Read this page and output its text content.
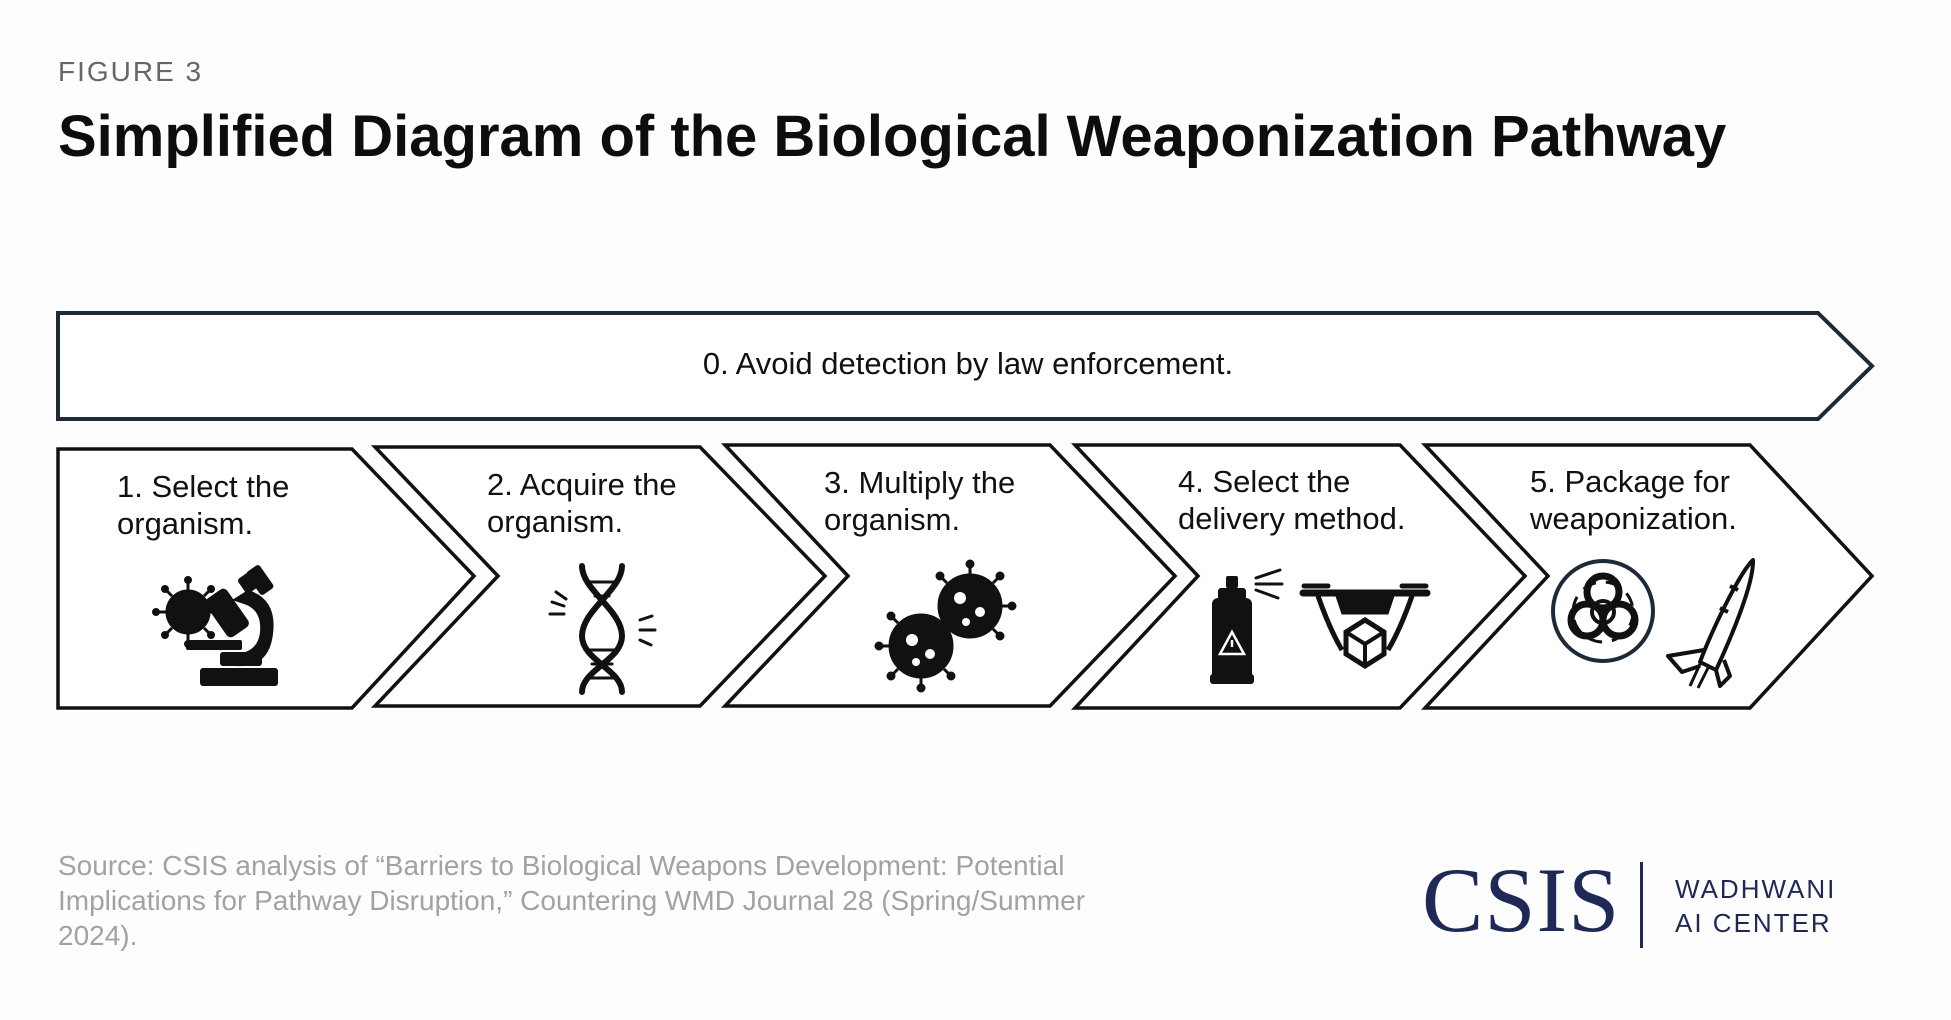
FIGURE 3
Simplified Diagram of the Biological Weaponization Pathway
0. Avoid detection by law enforcement.
1. Select the
organism.
2. Acquire the
organism.
3. Multiply the
organism.
4. Select the
delivery method.
5. Package for
weaponization.
Source: CSIS analysis of “Barriers to Biological Weapons Development: Potential Implications for Pathway Disruption,” Countering WMD Journal 28 (Spring/Summer 2024).	CSIS WADHWANI
AI CENTER
